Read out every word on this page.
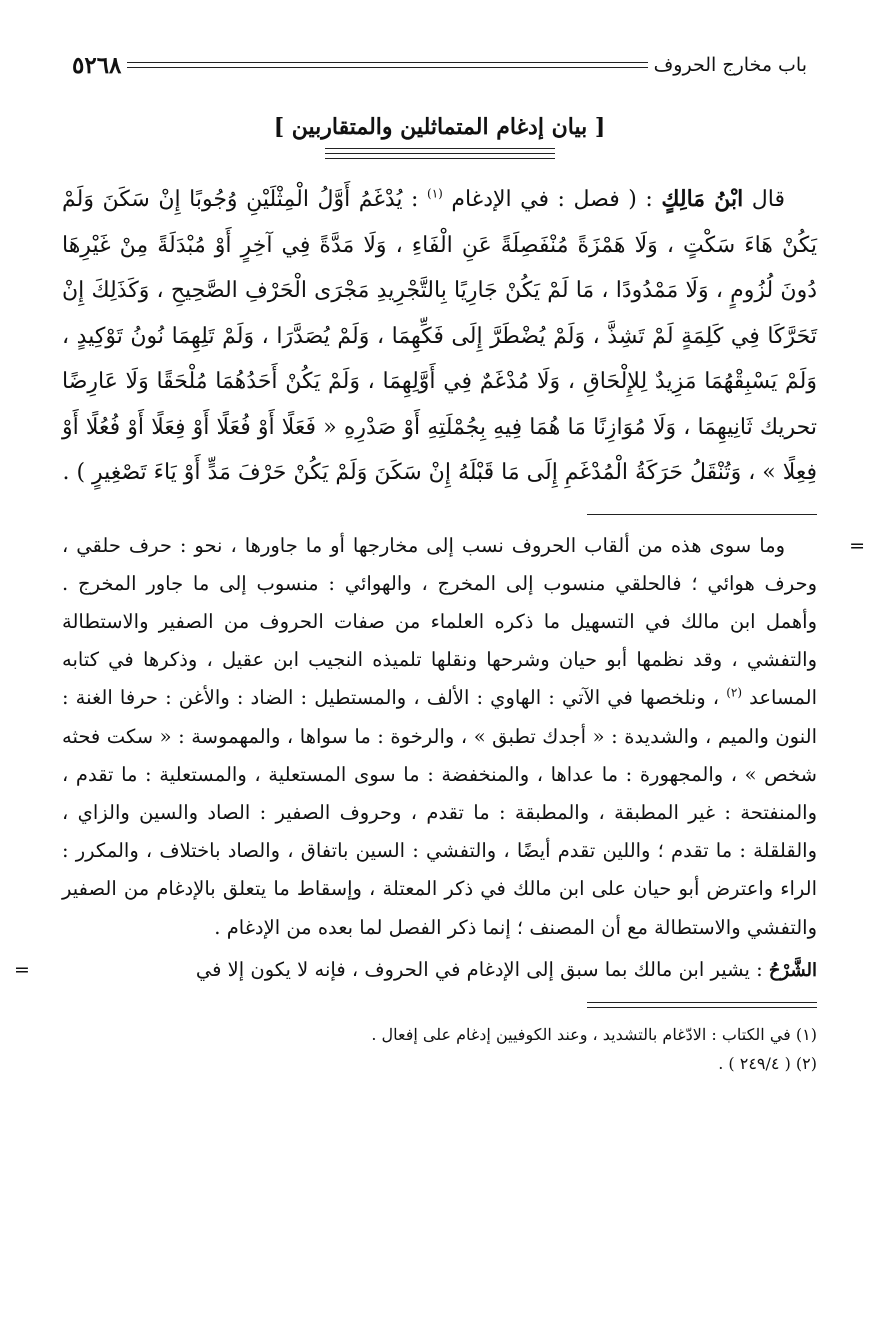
باب مخارج الحروف
٥٢٦٨
[ بيان إدغام المتماثلين والمتقاربين ]

قال ابْنُ مَالِكٍ : ( فصل : في الإدغام $^{(١)}$ : يُدْغَمُ أَوَّلُ الْمِثْلَيْنِ وُجُوبًا إِنْ سَكَنَ وَلَمْ يَكُنْ هَاءَ سَكْتٍ ، وَلَا هَمْزَةً مُنْفَصِلَةً عَنِ الْفَاءِ ، وَلَا مَدَّةً فِي آخِرٍ أَوْ مُبْدَلَةً مِنْ غَيْرِهَا دُونَ لُزُومٍ ، وَلَا مَمْدُودًا ، مَا لَمْ يَكُنْ جَارِيًا بِالتَّجْرِيدِ مَجْرَى الْحَرْفِ الصَّحِيحِ ، وَكَذَلِكَ إِنْ تَحَرَّكَا فِي كَلِمَةٍ لَمْ تَشِذَّ ، وَلَمْ يُضْطَرَّ إِلَى فَكِّهِمَا ، وَلَمْ يُصَدَّرَا ، وَلَمْ تَلِهِمَا نُونُ تَوْكِيدٍ ، وَلَمْ يَسْبِقْهُمَا مَزِيدٌ لِلإِلْحَاقِ ، وَلَا مُدْغَمٌ فِي أَوَّلِهِمَا ، وَلَمْ يَكُنْ أَحَدُهُمَا مُلْحَقًا وَلَا عَارِضًا تحريك ثَانِيهِمَا ، وَلَا مُوَازِنًا مَا هُمَا فِيهِ بِجُمْلَتِهِ أَوْ صَدْرِهِ « فَعَلًا أَوْ فُعَلًا أَوْ فِعَلًا أَوْ فُعُلًا أَوْ فِعِلًا » ، وَتُنْقَلُ حَرَكَةُ الْمُدْغَمِ إِلَى مَا قَبْلَهُ إِنْ سَكَنَ وَلَمْ يَكُنْ حَرْفَ مَدٍّ أَوْ يَاءَ تَصْغِيرٍ ) .

=

وما سوى هذه من ألقاب الحروف نسب إلى مخارجها أو ما جاورها ، نحو : حرف حلقي ، وحرف هوائي ؛ فالحلقي منسوب إلى المخرج ، والهوائي : منسوب إلى ما جاور المخرج . وأهمل ابن مالك في التسهيل ما ذكره العلماء من صفات الحروف من الصفير والاستطالة والتفشي ، وقد نظمها أبو حيان وشرحها ونقلها تلميذه النجيب ابن عقيل ، وذكرها في كتابه المساعد $^{(٢)}$ ، ونلخصها في الآتي : الهاوي : الألف ، والمستطيل : الضاد : والأغن : حرفا الغنة : النون والميم ، والشديدة : « أجدك تطبق » ، والرخوة : ما سواها ، والمهموسة : « سكت فحثه شخص » ، والمجهورة : ما عداها ، والمنخفضة : ما سوى المستعلية ، والمستعلية : ما تقدم ، والمنفتحة : غير المطبقة ، والمطبقة : ما تقدم ، وحروف الصفير : الصاد والسين والزاي ، والقلقلة : ما تقدم ؛ واللين تقدم أيضًا ، والتفشي : السين باتفاق ، والصاد باختلاف ، والمكرر : الراء واعترض أبو حيان على ابن مالك في ذكر المعتلة ، وإسقاط ما يتعلق بالإدغام من الصفير والتفشي والاستطالة مع أن المصنف ؛ إنما ذكر الفصل لما بعده من الإدغام .

الشَّرْحُ : يشير ابن مالك بما سبق إلى الإدغام في الحروف ، فإنه لا يكون إلا في
=

(١) في الكتاب : الادّغام بالتشديد ، وعند الكوفيين إدغام على إفعال .

(٢) ( ٢٤٩/٤ ) .
